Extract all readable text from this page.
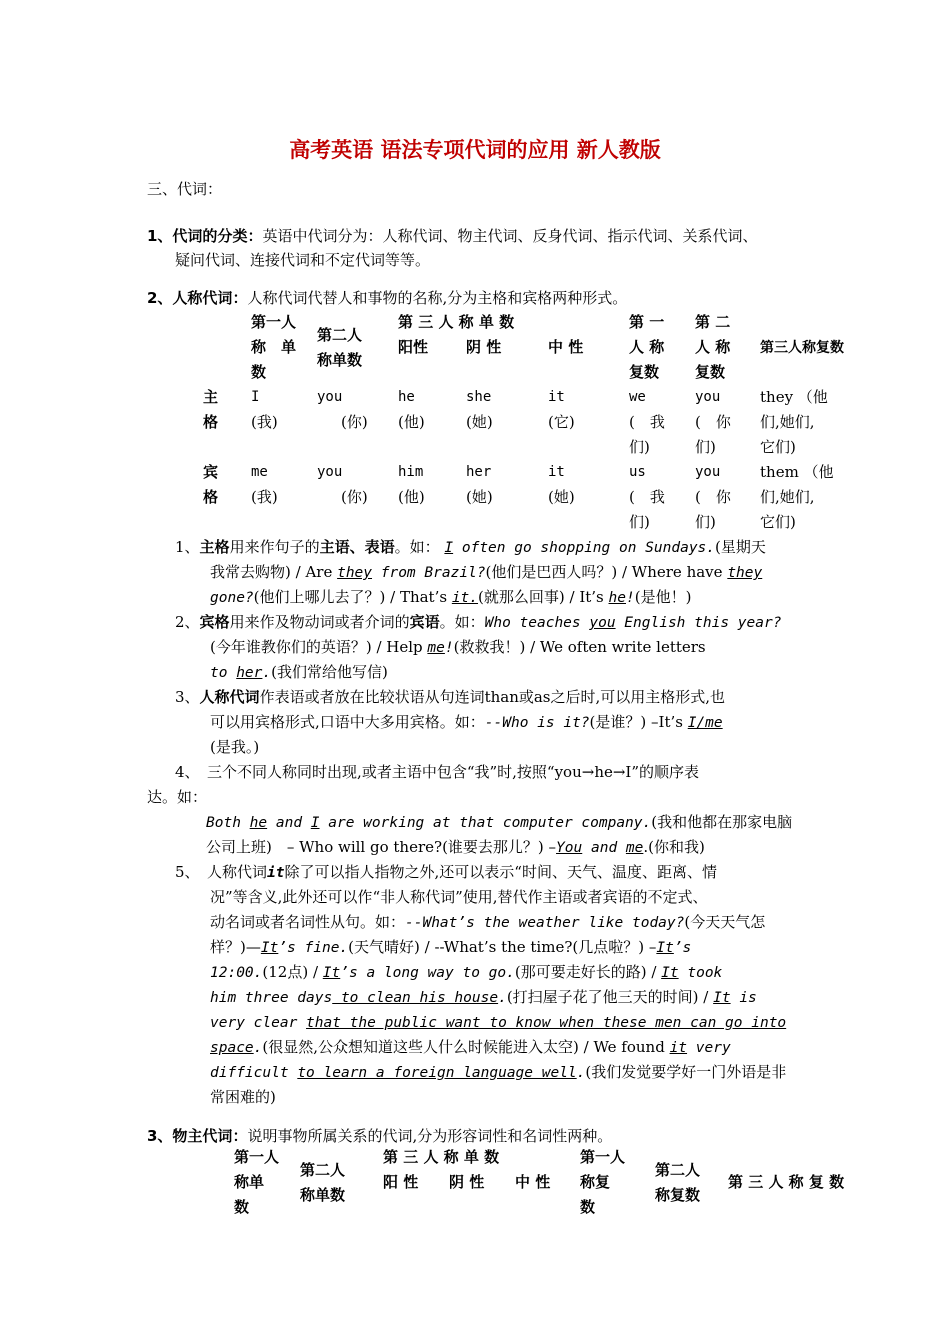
高考英语 语法专项代词的应用 新人教版
三、代词：
1、代词的分类：英语中代词分为：人称代词、物主代词、反身代词、指示代词、关系代词、
疑问代词、连接代词和不定代词等等。
2、人称代词：人称代词代替人和事物的名称,分为主格和宾格两种形式。
第一人
称　单
数
第二人
称单数
第 三 人 称 单 数
阳性	阴 性	中 性
第 一
人 称
复数
第 二
人 称
复数
第三人称复数
主
格
I
(我)
you
(你)
he
(他)
she
(她)
it
(它)
we
(　我
们)
you
(　你
们)
they （他
们,她们,
它们)
宾
格
me
(我)
you
(你)
him
(他)
her
(她)
it
(她)
us
(　我
们)
you
(　你
们)
them （他
们,她们,
它们)
1、主格用来作句子的主语、表语。如： I often go shopping on Sundays.(星期天
我常去购物) / Are they from Brazil?(他们是巴西人吗？) / Where have they
gone?(他们上哪儿去了？) / That’s it.(就那么回事) / It’s he!(是他！)
2、宾格用来作及物动词或者介词的宾语。如：Who teaches you English this year?
(今年谁教你们的英语？) / Help me!(救救我！) / We often write letters
to her.(我们常给他写信)
3、人称代词作表语或者放在比较状语从句连词than或as之后时,可以用主格形式,也
可以用宾格形式,口语中大多用宾格。如：--Who is it?(是谁？) –It’s I/me
(是我。)
4、　三个不同人称同时出现,或者主语中包含“我”时,按照“you→he→I”的顺序表
达。如：
Both he and I are working at that computer company.(我和他都在那家电脑
公司上班)　– Who will go there?(谁要去那儿？) –You and me.(你和我)
5、　人称代词it除了可以指人指物之外,还可以表示“时间、天气、温度、距离、情
况”等含义,此外还可以作“非人称代词”使用,替代作主语或者宾语的不定式、
动名词或者名词性从句。如：--What’s the weather like today?(今天天气怎
样？)—It’s fine.(天气晴好) / --What’s the time?(几点啦？) –It’s
12:00.(12点) / It’s a long way to go.(那可要走好长的路) / It took
him three days to clean his house.(打扫屋子花了他三天的时间) / It is
very clear that the public want to know when these men can go into
space.(很显然,公众想知道这些人什么时候能进入太空) / We found it very
difficult to learn a foreign language well.(我们发觉要学好一门外语是非
常困难的)
3、物主代词：说明事物所属关系的代词,分为形容词性和名词性两种。
第一人
称单
数
第二人
称单数
第 三 人 称 单 数
阳 性 阴 性 中 性
第一人
称复
数
第二人
称复数
第 三 人 称 复 数
